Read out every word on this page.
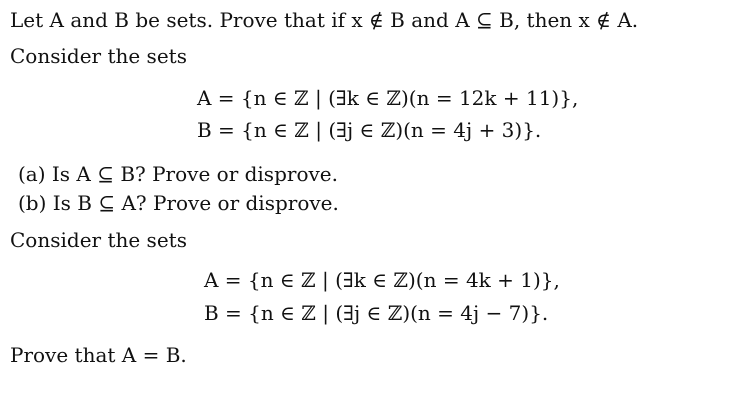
Let A and B be sets. Prove that if x ∉ B and A ⊆ B, then x ∉ A.
Consider the sets
A = {n ∈ ℤ | (∃k ∈ ℤ)(n = 12k + 11)},
B = {n ∈ ℤ | (∃j ∈ ℤ)(n = 4j + 3)}.
(a) Is A ⊆ B? Prove or disprove.
(b) Is B ⊆ A? Prove or disprove.
Consider the sets
A = {n ∈ ℤ | (∃k ∈ ℤ)(n = 4k + 1)},
B = {n ∈ ℤ | (∃j ∈ ℤ)(n = 4j − 7)}.
Prove that A = B.
